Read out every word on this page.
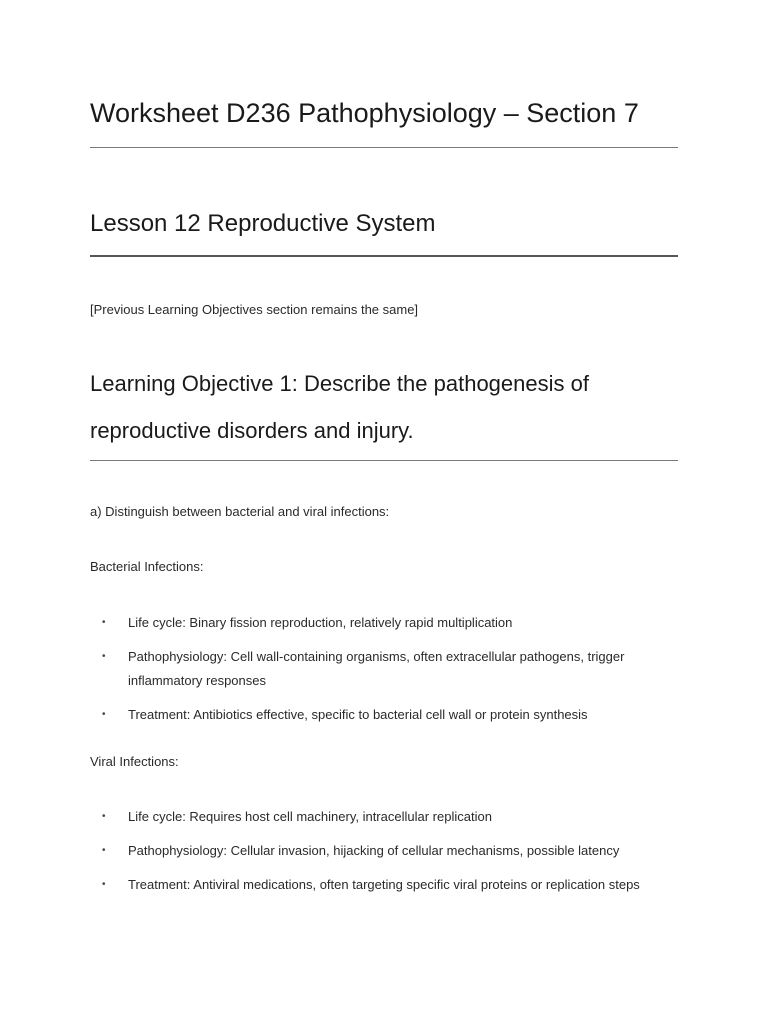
Worksheet D236 Pathophysiology – Section 7
Lesson 12 Reproductive System

[Previous Learning Objectives section remains the same]

Learning Objective 1: Describe the pathogenesis of reproductive disorders and injury.

a) Distinguish between bacterial and viral infections:

Bacterial Infections:

• Life cycle: Binary fission reproduction, relatively rapid multiplication
• Pathophysiology: Cell wall-containing organisms, often extracellular pathogens, trigger inflammatory responses
• Treatment: Antibiotics effective, specific to bacterial cell wall or protein synthesis

Viral Infections:

• Life cycle: Requires host cell machinery, intracellular replication
• Pathophysiology: Cellular invasion, hijacking of cellular mechanisms, possible latency
• Treatment: Antiviral medications, often targeting specific viral proteins or replication steps
